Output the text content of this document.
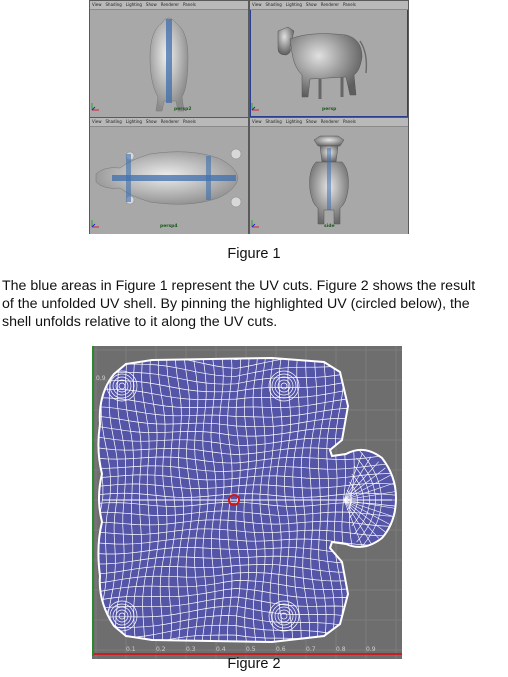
View Shading Lighting Show Renderer Panels
persp2
View Shading Lighting Show Renderer Panels
persp
View Shading Lighting Show Renderer Panels
persp4
View Shading Lighting Show Renderer Panels
side
Figure 1

The blue areas in Figure 1 represent the UV cuts. Figure 2 shows the result

of the unfolded UV shell. By pinning the highlighted UV (circled below), the

shell unfolds relative to it along the UV cuts.

0.1	0.2	0.3	0.4	0.5	0.6	0.7	0.8	0.9
0.9
Figure 2
